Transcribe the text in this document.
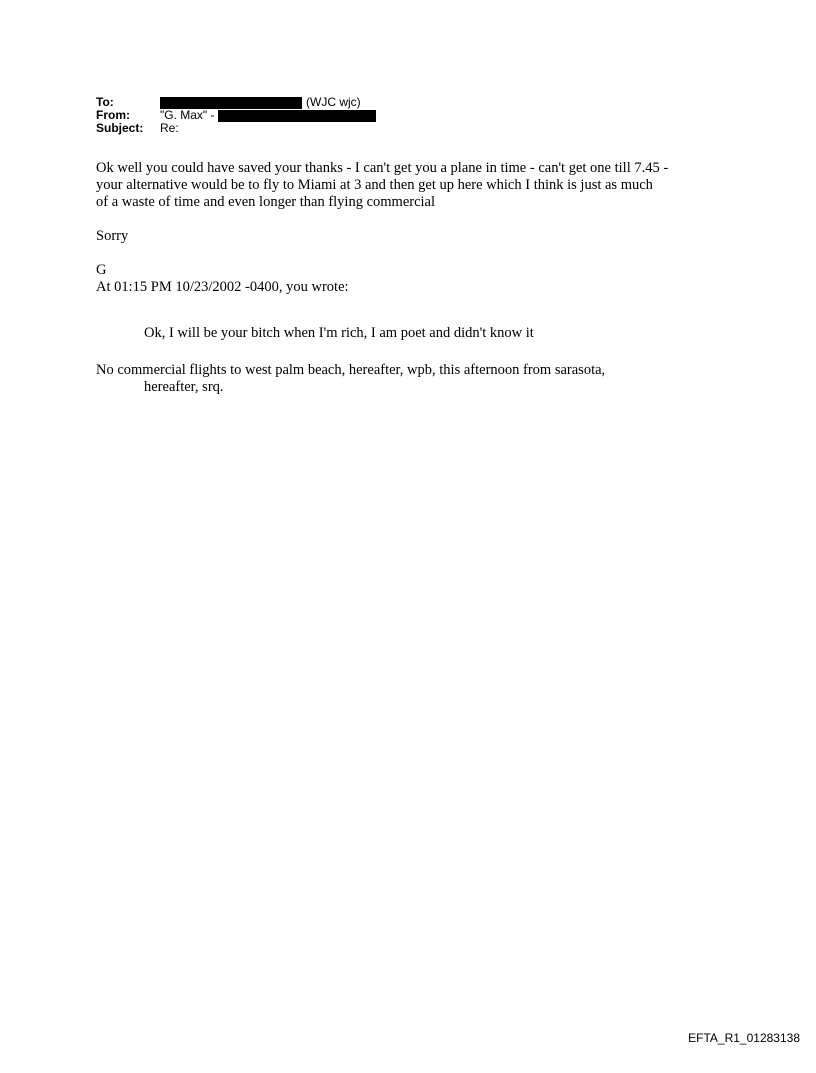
To:	(WJC wjc)
From:	"G. Max" -
Subject:	Re:

Ok well you could have saved your thanks - I can't get you a plane in time - can't get one till 7.45 -

your alternative would be to fly to Miami at 3 and then get up here which I think is just as much

of a waste of time and even longer than flying commercial

Sorry

G

At 01:15 PM 10/23/2002 -0400, you wrote:

Ok, I will be your bitch when I'm rich, I am poet and didn't know it
No commercial flights to west palm beach, hereafter, wpb, this afternoon from sarasota,
hereafter, srq.
EFTA_R1_01283138
